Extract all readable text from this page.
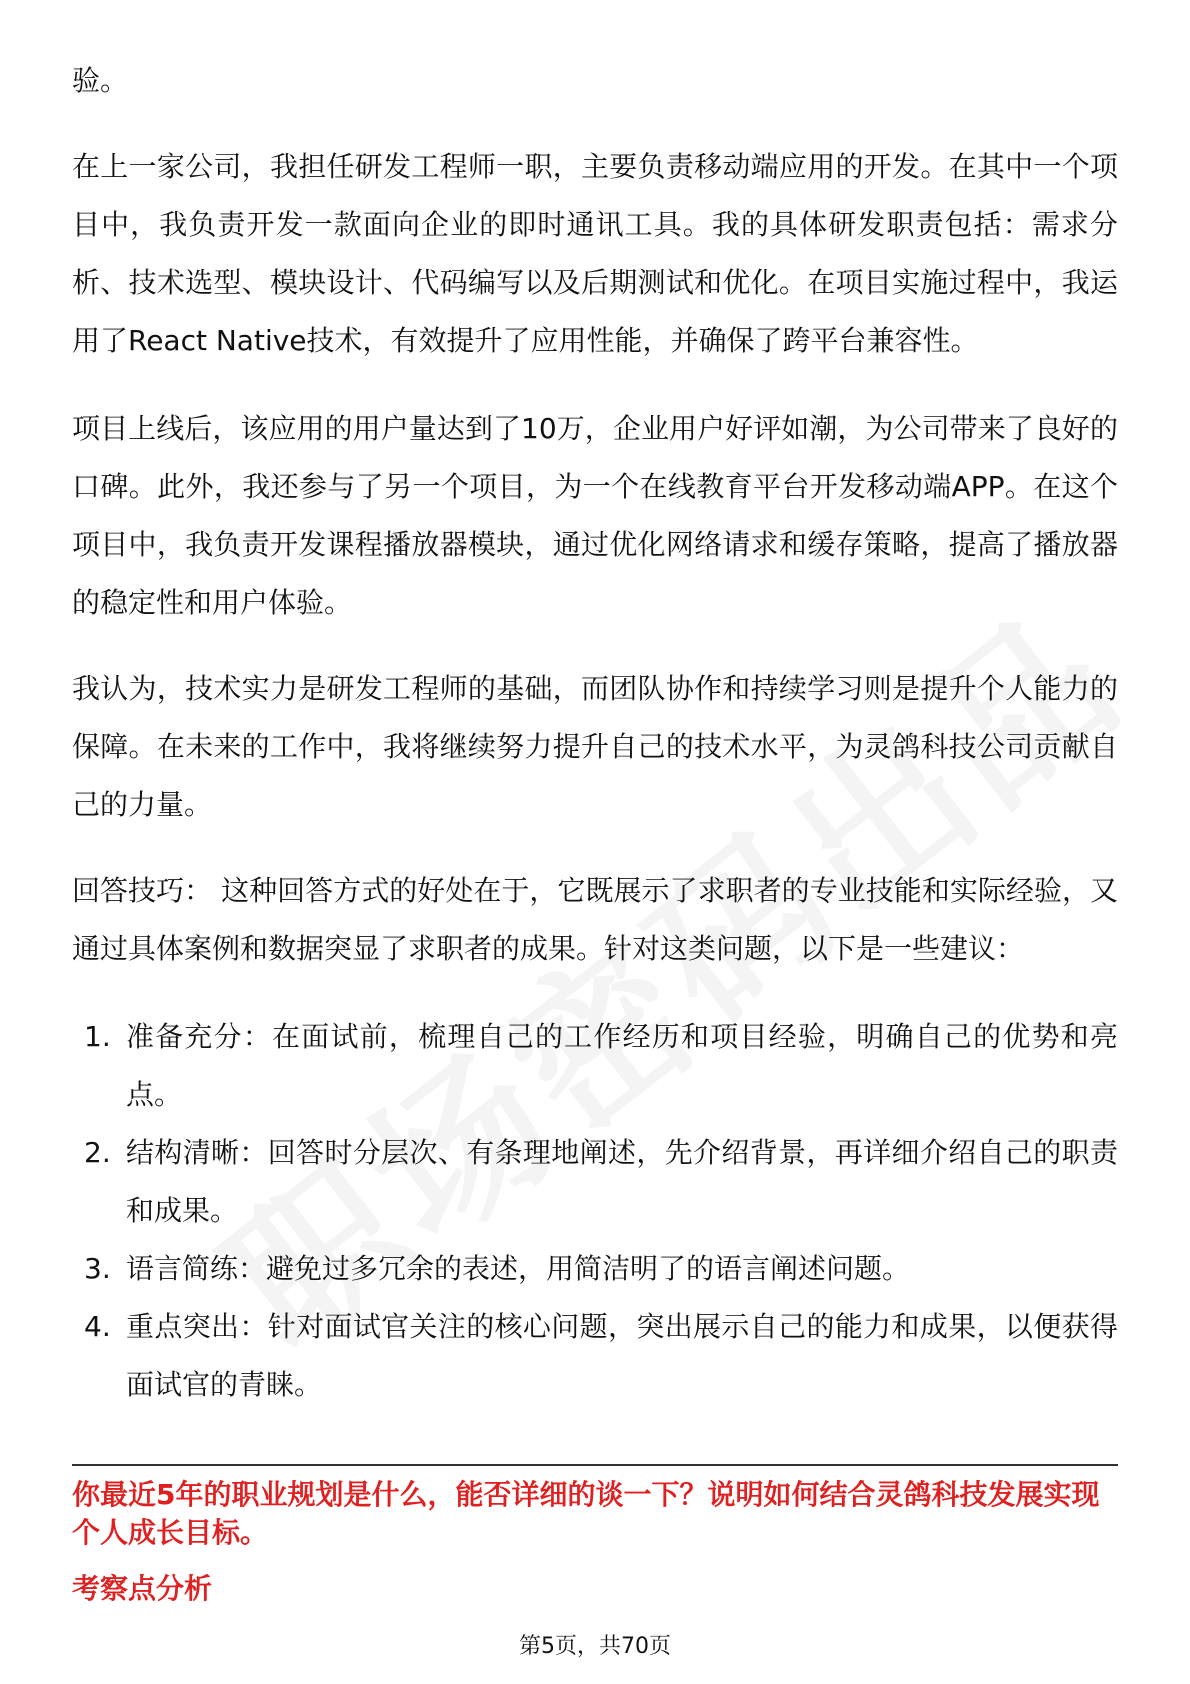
验。

在上一家公司，我担任研发工程师一职，主要负责移动端应用的开发。在其中一个项目中，我负责开发一款面向企业的即时通讯工具。我的具体研发职责包括：需求分析、技术选型、模块设计、代码编写以及后期测试和优化。在项目实施过程中，我运用了React Native技术，有效提升了应用性能，并确保了跨平台兼容性。

项目上线后，该应用的用户量达到了10万，企业用户好评如潮，为公司带来了良好的口碑。此外，我还参与了另一个项目，为一个在线教育平台开发移动端APP。在这个项目中，我负责开发课程播放器模块，通过优化网络请求和缓存策略，提高了播放器的稳定性和用户体验。

我认为，技术实力是研发工程师的基础，而团队协作和持续学习则是提升个人能力的保障。在未来的工作中，我将继续努力提升自己的技术水平，为灵鸽科技公司贡献自己的力量。

回答技巧： 这种回答方式的好处在于，它既展示了求职者的专业技能和实际经验，又通过具体案例和数据突显了求职者的成果。针对这类问题，以下是一些建议：

1. 准备充分：在面试前，梳理自己的工作经历和项目经验，明确自己的优势和亮点。
2. 结构清晰：回答时分层次、有条理地阐述，先介绍背景，再详细介绍自己的职责和成果。
3. 语言简练：避免过多冗余的表述，用简洁明了的语言阐述问题。
4. 重点突出：针对面试官关注的核心问题，突出展示自己的能力和成果，以便获得面试官的青睐。

你最近5年的职业规划是什么，能否详细的谈一下？说明如何结合灵鸽科技发展实现个人成长目标。

考察点分析

第5页，共70页
